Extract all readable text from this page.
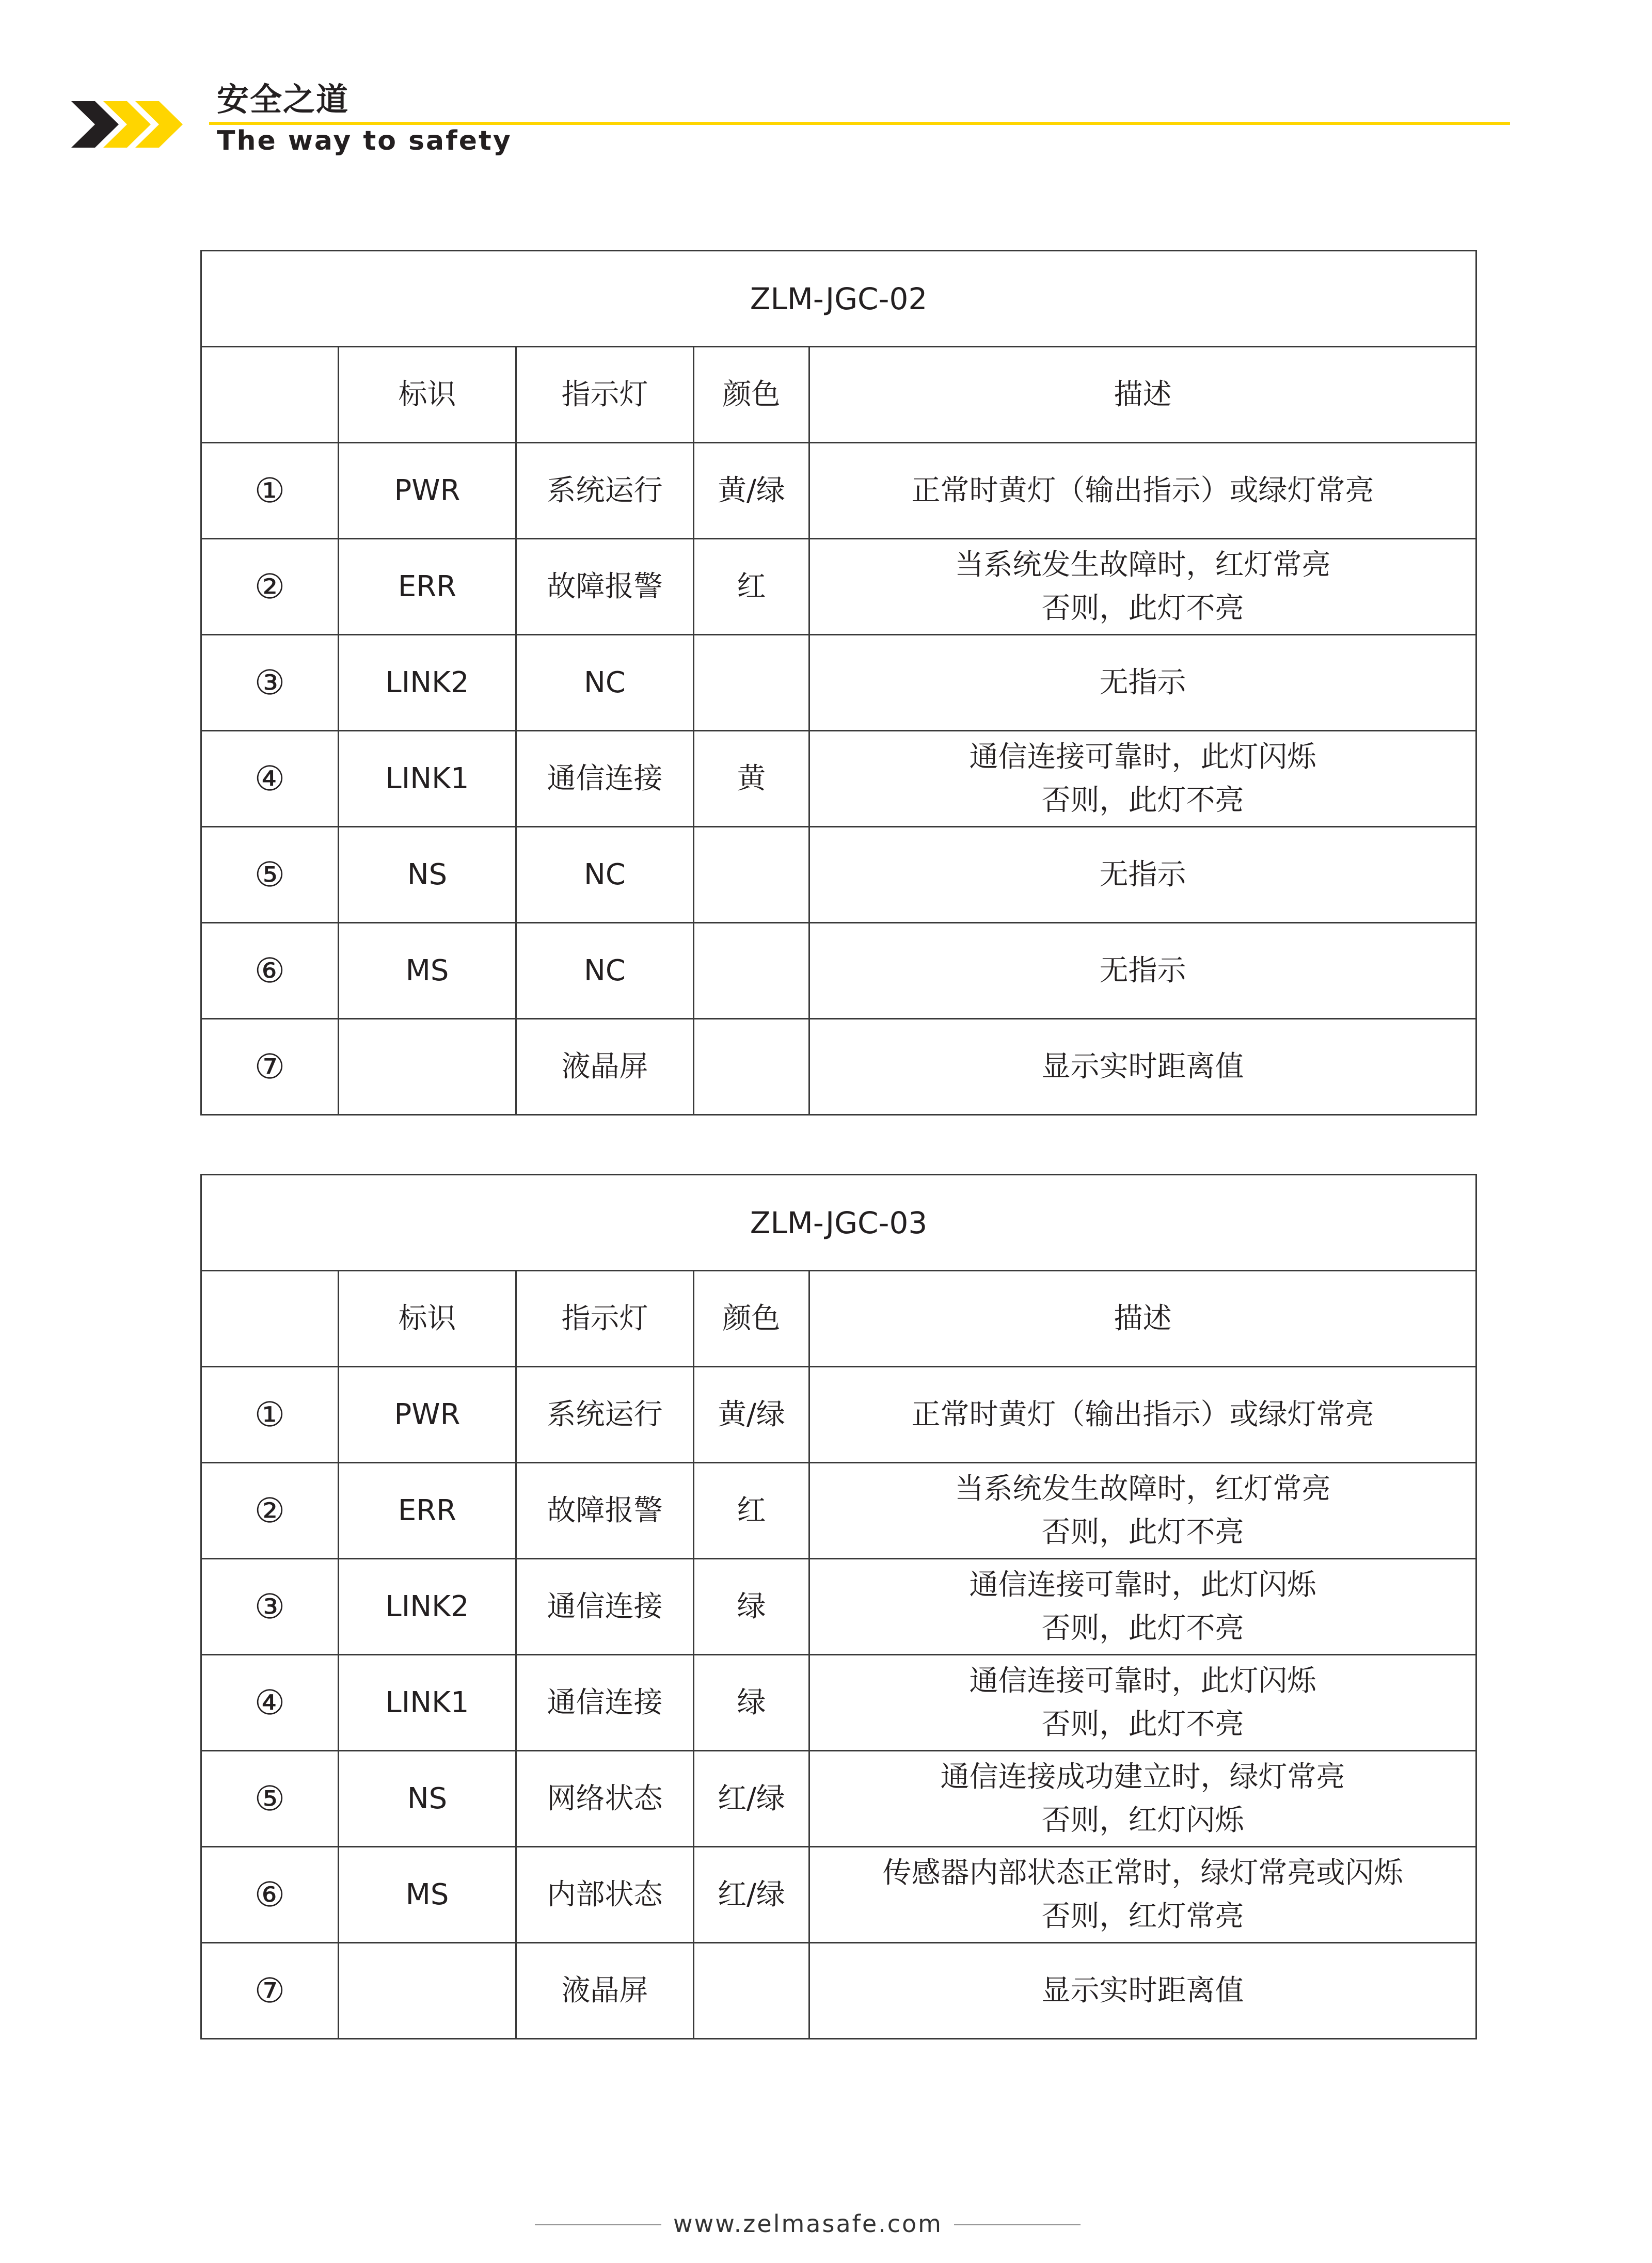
安全之道
The way to safety
ZLM-JGC-02				
	标识	指示灯	颜色	描述
①	PWR	系统运行	黄/绿	正常时黄灯（输出指示）或绿灯常亮

②	ERR	故障报警	红	当系统发生故障时，红灯常亮
否则，此灯不亮

③	LINK2	NC		无指示

④	LINK1	通信连接	黄	通信连接可靠时，此灯闪烁
否则，此灯不亮

⑤	NS	NC		无指示

⑥	MS	NC		无指示

⑦		液晶屏		显示实时距离值
ZLM-JGC-03				
	标识	指示灯	颜色	描述
①	PWR	系统运行	黄/绿	正常时黄灯（输出指示）或绿灯常亮

②	ERR	故障报警	红	当系统发生故障时，红灯常亮
否则，此灯不亮

③	LINK2	通信连接	绿	通信连接可靠时，此灯闪烁
否则，此灯不亮

④	LINK1	通信连接	绿	通信连接可靠时，此灯闪烁
否则，此灯不亮

⑤	NS	网络状态	红/绿	通信连接成功建立时，绿灯常亮
否则，红灯闪烁

⑥	MS	内部状态	红/绿	传感器内部状态正常时，绿灯常亮或闪烁
否则，红灯常亮

⑦		液晶屏		显示实时距离值
www.zelmasafe.com
